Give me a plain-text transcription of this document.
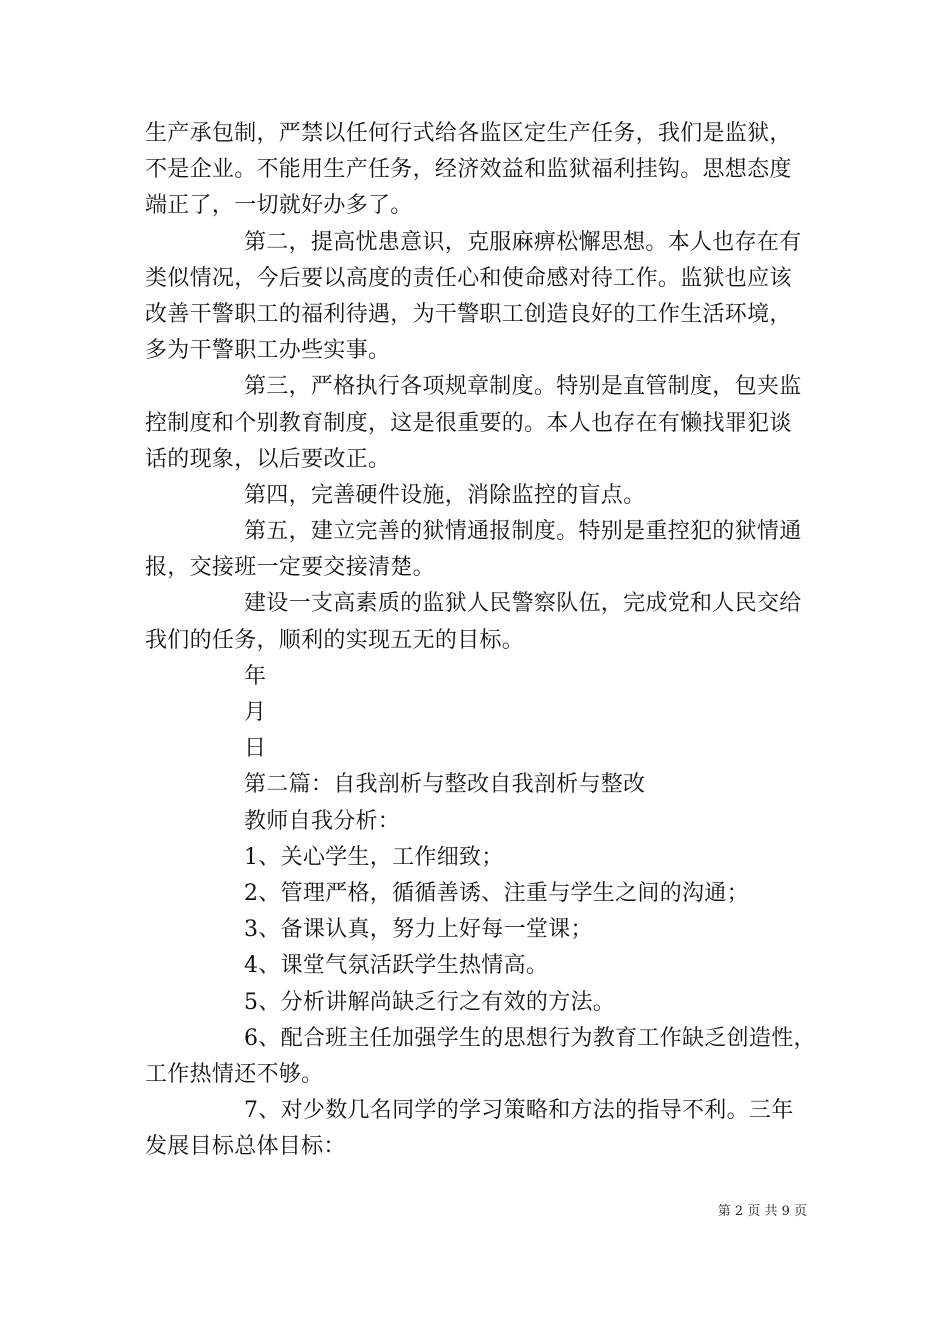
生产承包制，严禁以任何行式给各监区定生产任务，我们是监狱，
不是企业。不能用生产任务，经济效益和监狱福利挂钩。思想态度
端正了，一切就好办多了。
第二，提高忧患意识，克服麻痹松懈思想。本人也存在有
类似情况，今后要以高度的责任心和使命感对待工作。监狱也应该
改善干警职工的福利待遇，为干警职工创造良好的工作生活环境，
多为干警职工办些实事。
第三，严格执行各项规章制度。特别是直管制度，包夹监
控制度和个别教育制度，这是很重要的。本人也存在有懒找罪犯谈
话的现象，以后要改正。
第四，完善硬件设施，消除监控的盲点。
第五，建立完善的狱情通报制度。特别是重控犯的狱情通
报，交接班一定要交接清楚。
建设一支高素质的监狱人民警察队伍，完成党和人民交给
我们的任务，顺利的实现五无的目标。
年
月
日
第二篇：自我剖析与整改自我剖析与整改
教师自我分析：
1、关心学生，工作细致；
2、管理严格，循循善诱、注重与学生之间的沟通；
3、备课认真，努力上好每一堂课；
4、课堂气氛活跃学生热情高。
5、分析讲解尚缺乏行之有效的方法。
6、配合班主任加强学生的思想行为教育工作缺乏创造性，
工作热情还不够。
7、对少数几名同学的学习策略和方法的指导不利。三年
发展目标总体目标：
第 2 页 共 9 页
